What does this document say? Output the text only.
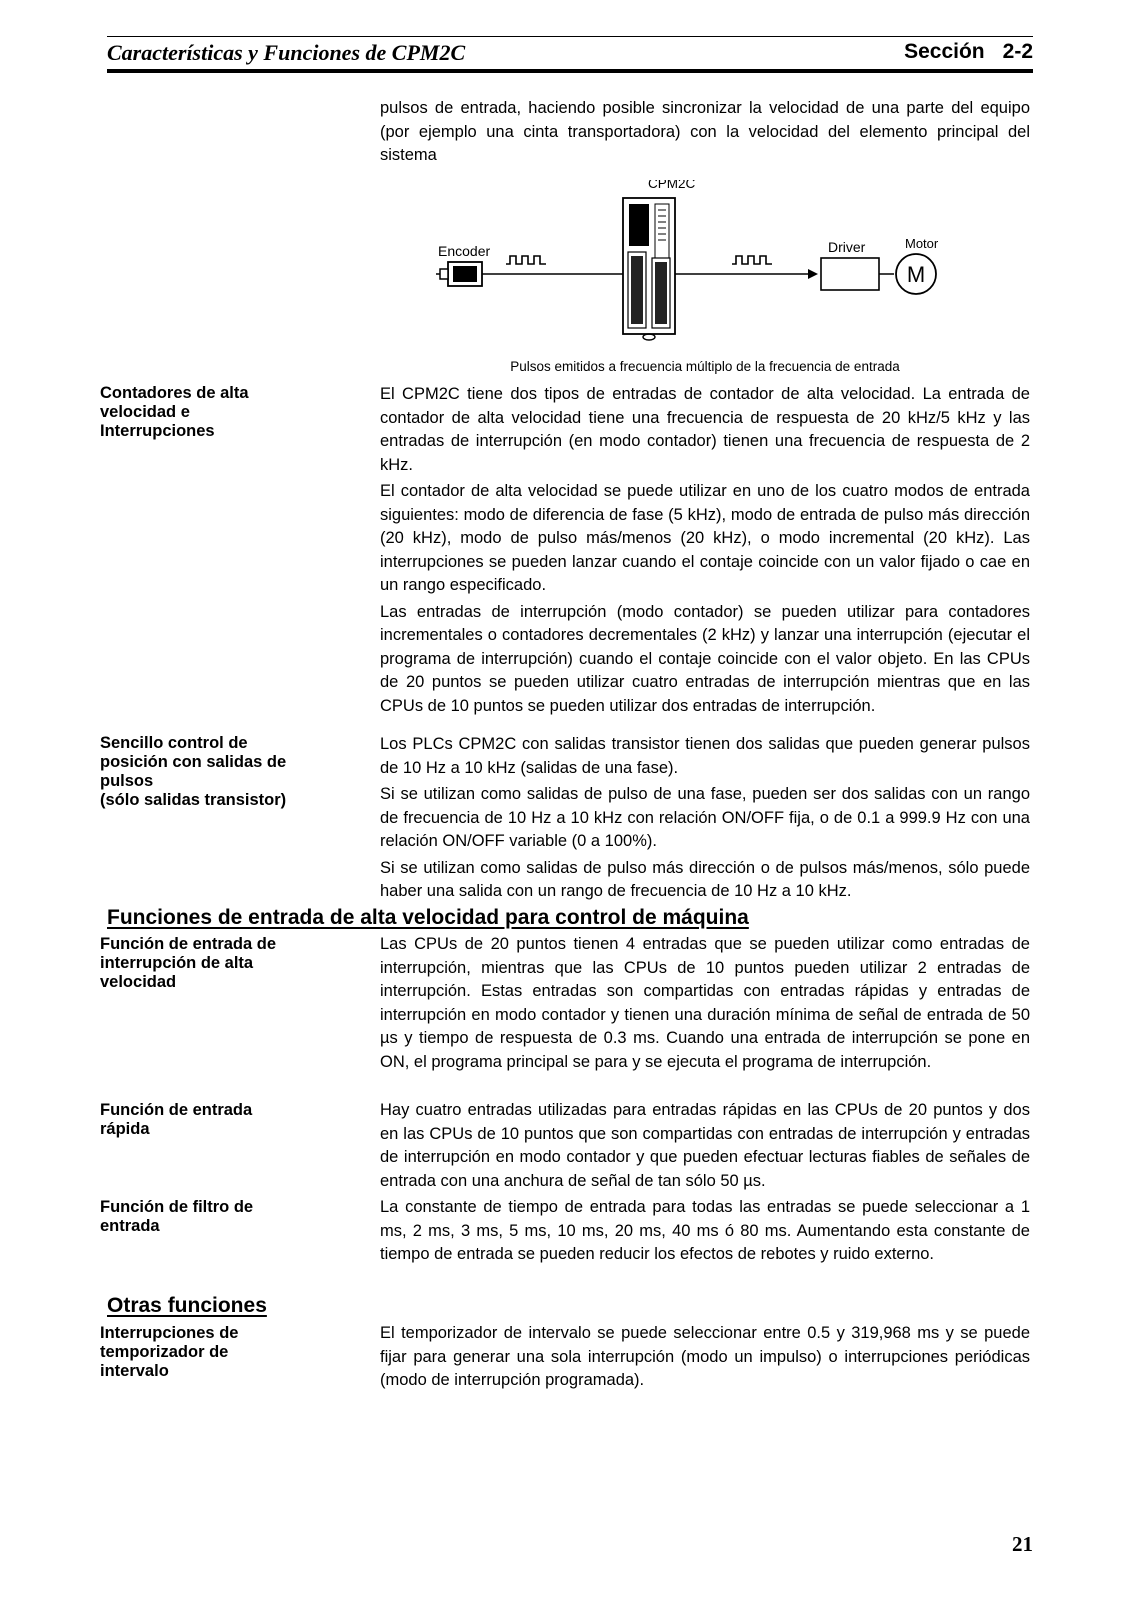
Características y Funciones de CPM2C	Sección 2-2

pulsos de entrada, haciendo posible sincronizar la velocidad de una parte del equipo (por ejemplo una cinta transportadora) con la velocidad del elemento principal del sistema

CPM2C
Encoder	Driver	Motor
M
Pulsos emitidos a frecuencia múltiplo de la frecuencia de entrada
Contadores de alta
velocidad e
Interrupciones

El CPM2C tiene dos tipos de entradas de contador de alta velocidad. La entrada de contador de alta velocidad tiene una frecuencia de respuesta de 20 kHz/5 kHz y las entradas de interrupción (en modo contador) tienen una frecuencia de respuesta de 2 kHz.

El contador de alta velocidad se puede utilizar en uno de los cuatro modos de entrada siguientes: modo de diferencia de fase (5 kHz), modo de entrada de pulso más dirección (20 kHz), modo de pulso más/menos (20 kHz), o modo incremental (20 kHz). Las interrupciones se pueden lanzar cuando el contaje coincide con un valor fijado o cae en un rango especificado.

Las entradas de interrupción (modo contador) se pueden utilizar para contadores incrementales o contadores decrementales (2 kHz) y lanzar una interrupción (ejecutar el programa de interrupción) cuando el contaje coincide con el valor objeto. En las CPUs de 20 puntos se pueden utilizar cuatro entradas de interrupción mientras que en las CPUs de 10 puntos se pueden utilizar dos entradas de interrupción.

Sencillo control de
posición con salidas de
pulsos
(sólo salidas transistor)

Los PLCs CPM2C con salidas transistor tienen dos salidas que pueden generar pulsos de 10 Hz a 10 kHz (salidas de una fase).

Si se utilizan como salidas de pulso de una fase, pueden ser dos salidas con un rango de frecuencia de 10 Hz a 10 kHz con relación ON/OFF fija, o de 0.1 a 999.9 Hz con una relación ON/OFF variable (0 a 100%).

Si se utilizan como salidas de pulso más dirección o de pulsos más/menos, sólo puede haber una salida con un rango de frecuencia de 10 Hz a 10 kHz.

Funciones de entrada de alta velocidad para control de máquina
Función de entrada de
interrupción de alta
velocidad

Las CPUs de 20 puntos tienen 4 entradas que se pueden utilizar como entradas de interrupción, mientras que las CPUs de 10 puntos pueden utilizar 2 entradas de interrupción. Estas entradas son compartidas con entradas rápidas y entradas de interrupción en modo contador y tienen una duración mínima de señal de entrada de 50 µs y tiempo de respuesta de 0.3 ms. Cuando una entrada de interrupción se pone en ON, el programa principal se para y se ejecuta el programa de interrupción.

Función de entrada
rápida

Hay cuatro entradas utilizadas para entradas rápidas en las CPUs de 20 puntos y dos en las CPUs de 10 puntos que son compartidas con entradas de interrupción y entradas de interrupción en modo contador y que pueden efectuar lecturas fiables de señales de entrada con una anchura de señal de tan sólo 50 µs.

Función de filtro de
entrada

La constante de tiempo de entrada para todas las entradas se puede seleccionar a 1 ms, 2 ms, 3 ms, 5 ms, 10 ms, 20 ms, 40 ms ó 80 ms. Aumentando esta constante de tiempo de entrada se pueden reducir los efectos de rebotes y ruido externo.

Otras funciones
Interrupciones de
temporizador de
intervalo

El temporizador de intervalo se puede seleccionar entre 0.5 y 319,968 ms y se puede fijar para generar una sola interrupción (modo un impulso) o interrupciones periódicas (modo de interrupción programada).

21
